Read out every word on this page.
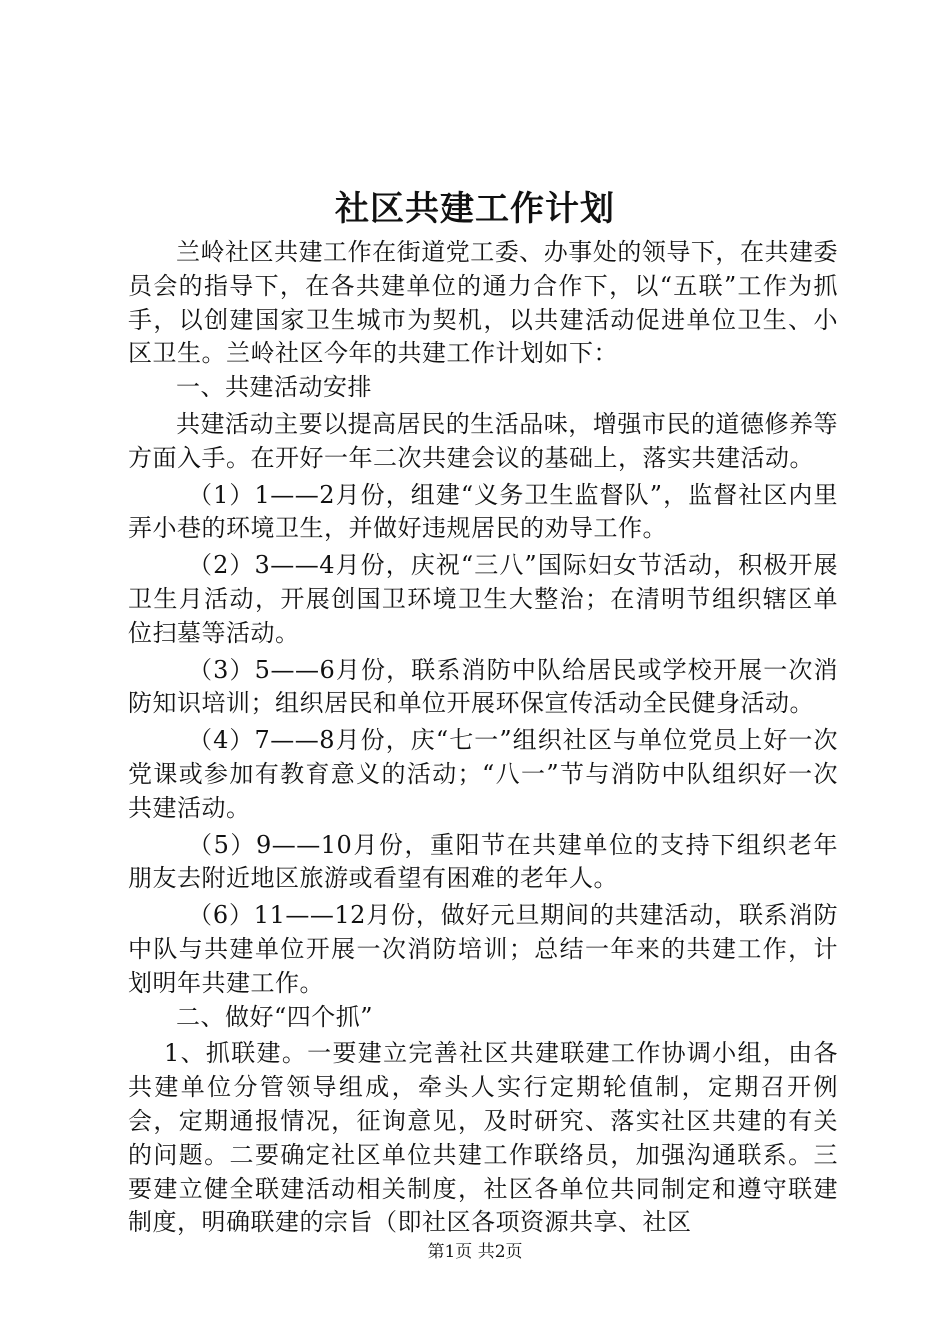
社区共建工作计划

兰岭社区共建工作在街道党工委、办事处的领导下，在共建委员会的指导下，在各共建单位的通力合作下，以“五联”工作为抓手，以创建国家卫生城市为契机，以共建活动促进单位卫生、小区卫生。兰岭社区今年的共建工作计划如下：

一、共建活动安排

共建活动主要以提高居民的生活品味，增强市民的道德修养等方面入手。在开好一年二次共建会议的基础上，落实共建活动。

（1）1——2月份，组建“义务卫生监督队”，监督社区内里弄小巷的环境卫生，并做好违规居民的劝导工作。

（2）3——4月份，庆祝“三八”国际妇女节活动，积极开展卫生月活动，开展创国卫环境卫生大整治；在清明节组织辖区单位扫墓等活动。

（3）5——6月份，联系消防中队给居民或学校开展一次消防知识培训；组织居民和单位开展环保宣传活动全民健身活动。

（4）7——8月份，庆“七一”组织社区与单位党员上好一次党课或参加有教育意义的活动；“八一”节与消防中队组织好一次共建活动。

（5）9——10月份，重阳节在共建单位的支持下组织老年朋友去附近地区旅游或看望有困难的老年人。

（6）11——12月份，做好元旦期间的共建活动，联系消防中队与共建单位开展一次消防培训；总结一年来的共建工作，计划明年共建工作。

二、做好“四个抓”

1、抓联建。一要建立完善社区共建联建工作协调小组，由各共建单位分管领导组成，牵头人实行定期轮值制，定期召开例会，定期通报情况，征询意见，及时研究、落实社区共建的有关的问题。二要确定社区单位共建工作联络员，加强沟通联系。三要建立健全联建活动相关制度，社区各单位共同制定和遵守联建制度，明确联建的宗旨（即社区各项资源共享、社区

第1页 共2页
